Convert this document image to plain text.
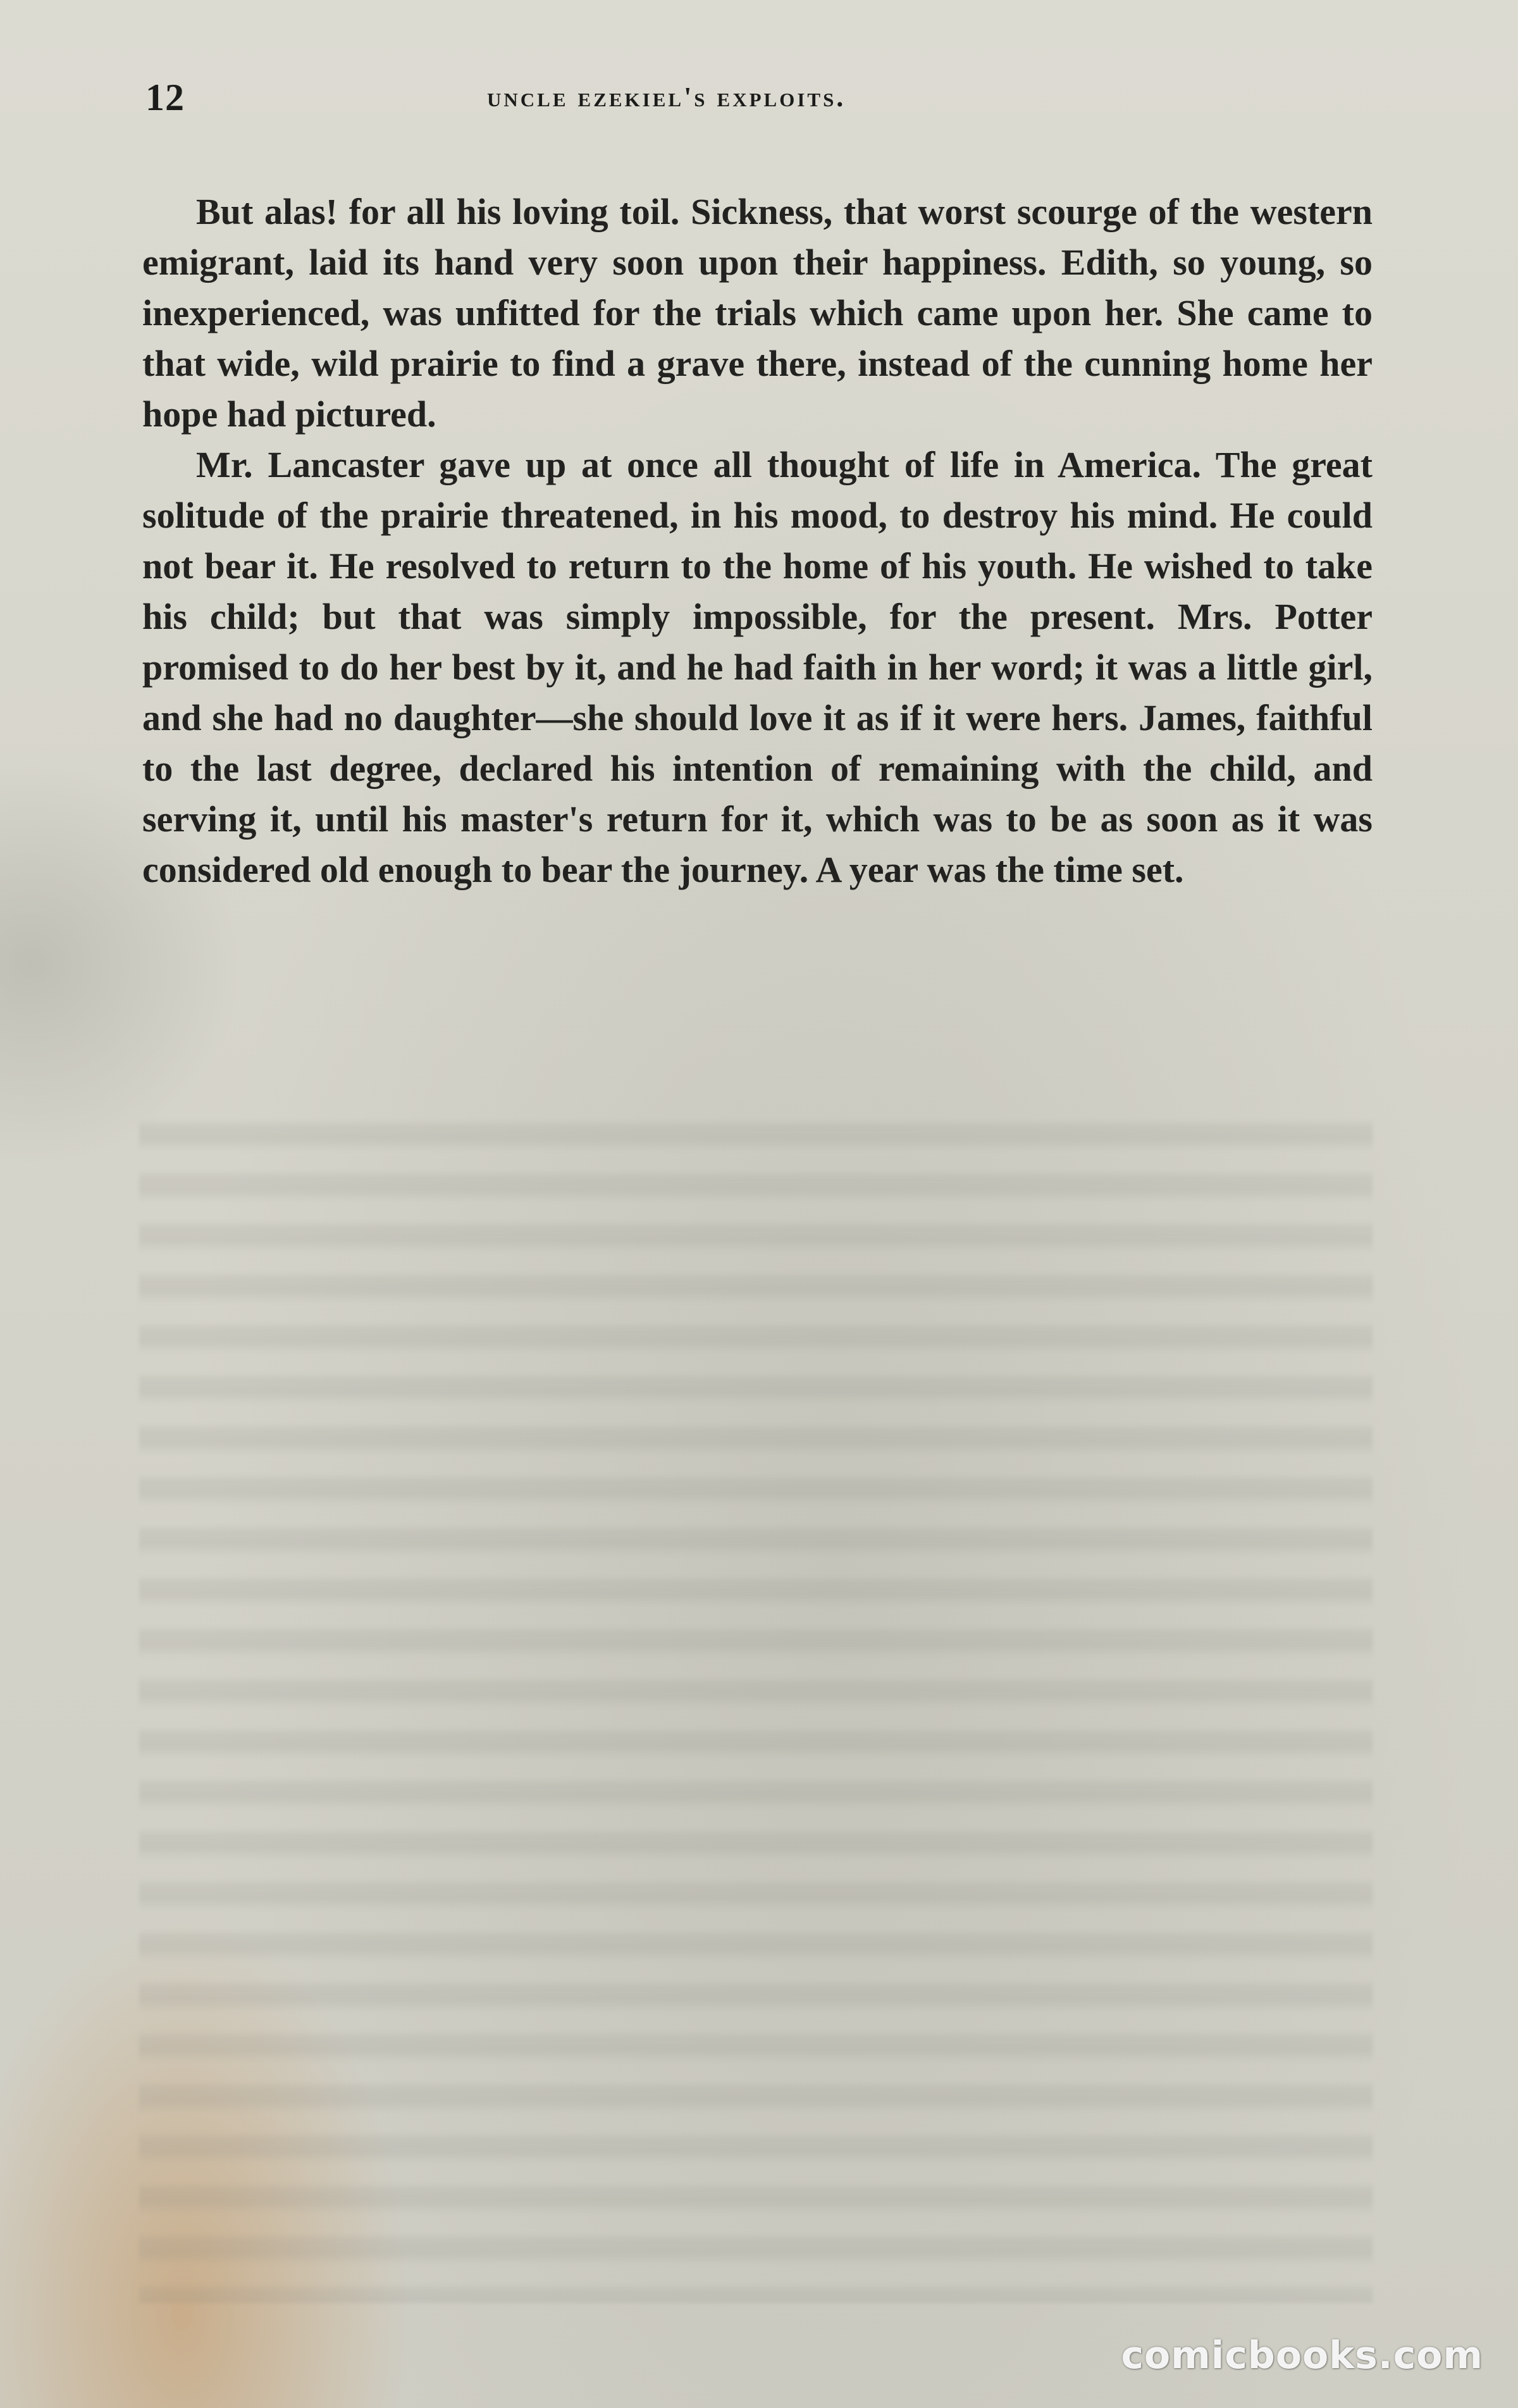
12	uncle ezekiel's exploits.

But alas! for all his loving toil. Sickness, that worst scourge of the western emigrant, laid its hand very soon upon their happiness. Edith, so young, so inexperienced, was unfitted for the trials which came upon her. She came to that wide, wild prairie to find a grave there, instead of the cunning home her hope had pictured.

Mr. Lancaster gave up at once all thought of life in America. The great solitude of the prairie threatened, in his mood, to destroy his mind. He could not bear it. He resolved to return to the home of his youth. He wished to take his child; but that was simply impossible, for the present. Mrs. Potter promised to do her best by it, and he had faith in her word; it was a little girl, and she had no daughter—she should love it as if it were hers. James, faithful to the last degree, declared his intention of remaining with the child, and serving it, until his master's return for it, which was to be as soon as it was considered old enough to bear the journey. A year was the time set.

comicbooks.com
